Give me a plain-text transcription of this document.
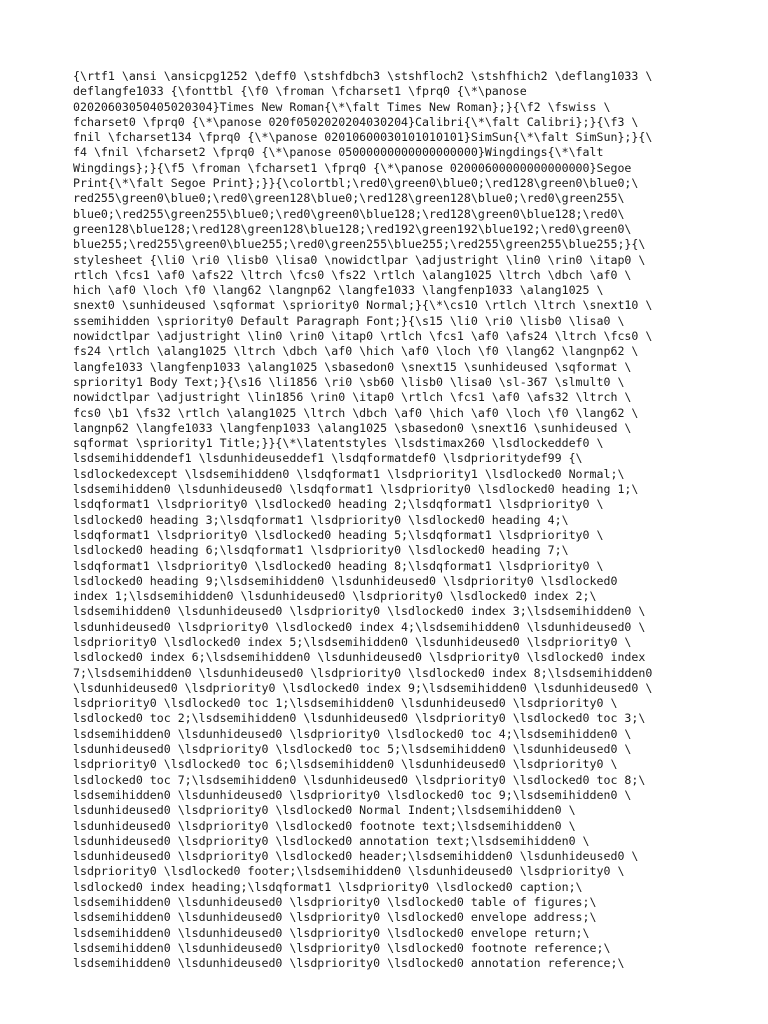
{\rtf1 \ansi \ansicpg1252 \deff0 \stshfdbch3 \stshfloch2 \stshfhich2 \deflang1033 \
deflangfe1033 {\fonttbl {\f0 \froman \fcharset1 \fprq0 {\*\panose
02020603050405020304}Times New Roman{\*\falt Times New Roman};}{\f2 \fswiss \
fcharset0 \fprq0 {\*\panose 020f0502020204030204}Calibri{\*\falt Calibri};}{\f3 \
fnil \fcharset134 \fprq0 {\*\panose 02010600030101010101}SimSun{\*\falt SimSun};}{\
f4 \fnil \fcharset2 \fprq0 {\*\panose 05000000000000000000}Wingdings{\*\falt
Wingdings};}{\f5 \froman \fcharset1 \fprq0 {\*\panose 02000600000000000000}Segoe
Print{\*\falt Segoe Print};}}{\colortbl;\red0\green0\blue0;\red128\green0\blue0;\
red255\green0\blue0;\red0\green128\blue0;\red128\green128\blue0;\red0\green255\
blue0;\red255\green255\blue0;\red0\green0\blue128;\red128\green0\blue128;\red0\
green128\blue128;\red128\green128\blue128;\red192\green192\blue192;\red0\green0\
blue255;\red255\green0\blue255;\red0\green255\blue255;\red255\green255\blue255;}{\
stylesheet {\li0 \ri0 \lisb0 \lisa0 \nowidctlpar \adjustright \lin0 \rin0 \itap0 \
rtlch \fcs1 \af0 \afs22 \ltrch \fcs0 \fs22 \rtlch \alang1025 \ltrch \dbch \af0 \
hich \af0 \loch \f0 \lang62 \langnp62 \langfe1033 \langfenp1033 \alang1025 \
snext0 \sunhideused \sqformat \spriority0 Normal;}{\*\cs10 \rtlch \ltrch \snext10 \
ssemihidden \spriority0 Default Paragraph Font;}{\s15 \li0 \ri0 \lisb0 \lisa0 \
nowidctlpar \adjustright \lin0 \rin0 \itap0 \rtlch \fcs1 \af0 \afs24 \ltrch \fcs0 \
fs24 \rtlch \alang1025 \ltrch \dbch \af0 \hich \af0 \loch \f0 \lang62 \langnp62 \
langfe1033 \langfenp1033 \alang1025 \sbasedon0 \snext15 \sunhideused \sqformat \
spriority1 Body Text;}{\s16 \li1856 \ri0 \sb60 \lisb0 \lisa0 \sl-367 \slmult0 \
nowidctlpar \adjustright \lin1856 \rin0 \itap0 \rtlch \fcs1 \af0 \afs32 \ltrch \
fcs0 \b1 \fs32 \rtlch \alang1025 \ltrch \dbch \af0 \hich \af0 \loch \f0 \lang62 \
langnp62 \langfe1033 \langfenp1033 \alang1025 \sbasedon0 \snext16 \sunhideused \
sqformat \spriority1 Title;}}{\*\latentstyles \lsdstimax260 \lsdlockeddef0 \
lsdsemihiddendef1 \lsdunhideuseddef1 \lsdqformatdef0 \lsdprioritydef99 {\
lsdlockedexcept \lsdsemihidden0 \lsdqformat1 \lsdpriority1 \lsdlocked0 Normal;\
lsdsemihidden0 \lsdunhideused0 \lsdqformat1 \lsdpriority0 \lsdlocked0 heading 1;\
lsdqformat1 \lsdpriority0 \lsdlocked0 heading 2;\lsdqformat1 \lsdpriority0 \
lsdlocked0 heading 3;\lsdqformat1 \lsdpriority0 \lsdlocked0 heading 4;\
lsdqformat1 \lsdpriority0 \lsdlocked0 heading 5;\lsdqformat1 \lsdpriority0 \
lsdlocked0 heading 6;\lsdqformat1 \lsdpriority0 \lsdlocked0 heading 7;\
lsdqformat1 \lsdpriority0 \lsdlocked0 heading 8;\lsdqformat1 \lsdpriority0 \
lsdlocked0 heading 9;\lsdsemihidden0 \lsdunhideused0 \lsdpriority0 \lsdlocked0
index 1;\lsdsemihidden0 \lsdunhideused0 \lsdpriority0 \lsdlocked0 index 2;\
lsdsemihidden0 \lsdunhideused0 \lsdpriority0 \lsdlocked0 index 3;\lsdsemihidden0 \
lsdunhideused0 \lsdpriority0 \lsdlocked0 index 4;\lsdsemihidden0 \lsdunhideused0 \
lsdpriority0 \lsdlocked0 index 5;\lsdsemihidden0 \lsdunhideused0 \lsdpriority0 \
lsdlocked0 index 6;\lsdsemihidden0 \lsdunhideused0 \lsdpriority0 \lsdlocked0 index
7;\lsdsemihidden0 \lsdunhideused0 \lsdpriority0 \lsdlocked0 index 8;\lsdsemihidden0
\lsdunhideused0 \lsdpriority0 \lsdlocked0 index 9;\lsdsemihidden0 \lsdunhideused0 \
lsdpriority0 \lsdlocked0 toc 1;\lsdsemihidden0 \lsdunhideused0 \lsdpriority0 \
lsdlocked0 toc 2;\lsdsemihidden0 \lsdunhideused0 \lsdpriority0 \lsdlocked0 toc 3;\
lsdsemihidden0 \lsdunhideused0 \lsdpriority0 \lsdlocked0 toc 4;\lsdsemihidden0 \
lsdunhideused0 \lsdpriority0 \lsdlocked0 toc 5;\lsdsemihidden0 \lsdunhideused0 \
lsdpriority0 \lsdlocked0 toc 6;\lsdsemihidden0 \lsdunhideused0 \lsdpriority0 \
lsdlocked0 toc 7;\lsdsemihidden0 \lsdunhideused0 \lsdpriority0 \lsdlocked0 toc 8;\
lsdsemihidden0 \lsdunhideused0 \lsdpriority0 \lsdlocked0 toc 9;\lsdsemihidden0 \
lsdunhideused0 \lsdpriority0 \lsdlocked0 Normal Indent;\lsdsemihidden0 \
lsdunhideused0 \lsdpriority0 \lsdlocked0 footnote text;\lsdsemihidden0 \
lsdunhideused0 \lsdpriority0 \lsdlocked0 annotation text;\lsdsemihidden0 \
lsdunhideused0 \lsdpriority0 \lsdlocked0 header;\lsdsemihidden0 \lsdunhideused0 \
lsdpriority0 \lsdlocked0 footer;\lsdsemihidden0 \lsdunhideused0 \lsdpriority0 \
lsdlocked0 index heading;\lsdqformat1 \lsdpriority0 \lsdlocked0 caption;\
lsdsemihidden0 \lsdunhideused0 \lsdpriority0 \lsdlocked0 table of figures;\
lsdsemihidden0 \lsdunhideused0 \lsdpriority0 \lsdlocked0 envelope address;\
lsdsemihidden0 \lsdunhideused0 \lsdpriority0 \lsdlocked0 envelope return;\
lsdsemihidden0 \lsdunhideused0 \lsdpriority0 \lsdlocked0 footnote reference;\
lsdsemihidden0 \lsdunhideused0 \lsdpriority0 \lsdlocked0 annotation reference;\
